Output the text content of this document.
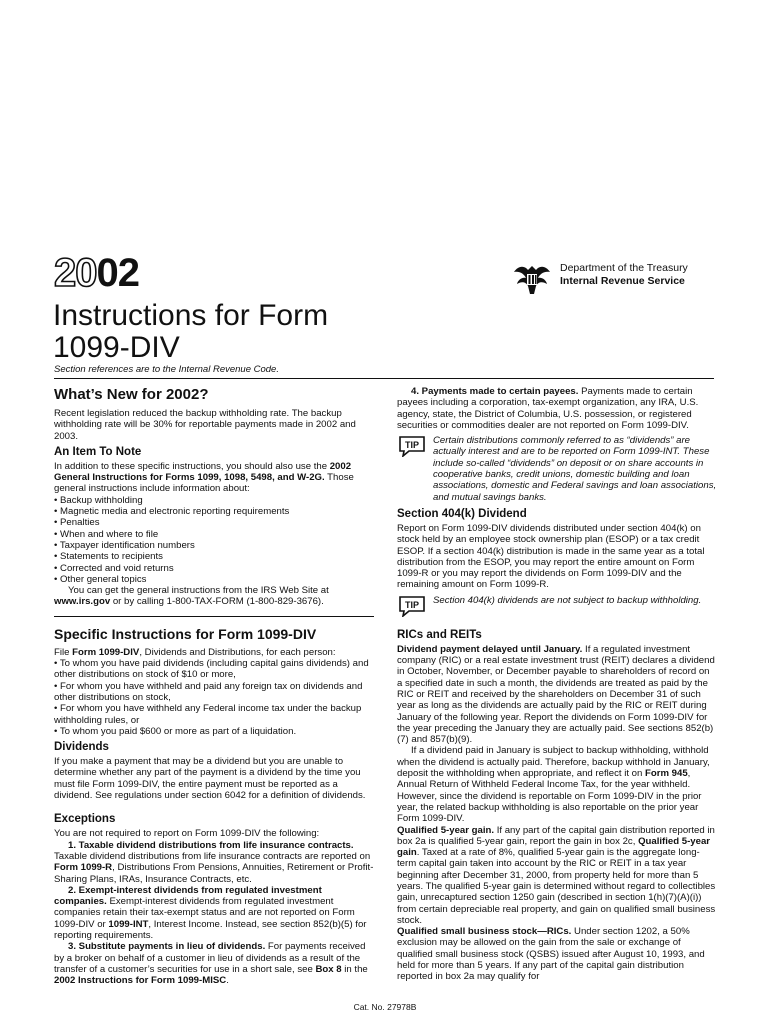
2002	Department of the Treasury
Internal Revenue Service
Instructions for Form
1099-DIV
Section references are to the Internal Revenue Code.
What’s New for 2002?

Recent legislation reduced the backup withholding rate. The backup withholding rate will be 30% for reportable payments made in 2002 and 2003.

An Item To Note

In addition to these specific instructions, you should also use the 2002 General Instructions for Forms 1099, 1098, 5498, and W-2G. Those general instructions include information about:

• Backup withholding
• Magnetic media and electronic reporting requirements
• Penalties
• When and where to file
• Taxpayer identification numbers
• Statements to recipients
• Corrected and void returns
• Other general topics

You can get the general instructions from the IRS Web Site at www.irs.gov or by calling 1-800-TAX-FORM (1-800-829-3676).

Specific Instructions for Form 1099-DIV

File Form 1099-DIV, Dividends and Distributions, for each person:

• To whom you have paid dividends (including capital gains dividends) and other distributions on stock of $10 or more,
• For whom you have withheld and paid any foreign tax on dividends and other distributions on stock,
• For whom you have withheld any Federal income tax under the backup withholding rules, or
• To whom you paid $600 or more as part of a liquidation.
Dividends

If you make a payment that may be a dividend but you are unable to determine whether any part of the payment is a dividend by the time you must file Form 1099-DIV, the entire payment must be reported as a dividend. See regulations under section 6042 for a definition of dividends.

Exceptions

You are not required to report on Form 1099-DIV the following:

1. Taxable dividend distributions from life insurance contracts. Taxable dividend distributions from life insurance contracts are reported on Form 1099-R, Distributions From Pensions, Annuities, Retirement or Profit-Sharing Plans, IRAs, Insurance Contracts, etc.

2. Exempt-interest dividends from regulated investment companies. Exempt-interest dividends from regulated investment companies retain their tax-exempt status and are not reported on Form 1099-DIV or 1099-INT, Interest Income. Instead, see section 852(b)(5) for reporting requirements.

3. Substitute payments in lieu of dividends. For payments received by a broker on behalf of a customer in lieu of dividends as a result of the transfer of a customer’s securities for use in a short sale, see Box 8 in the 2002 Instructions for Form 1099-MISC.

4. Payments made to certain payees. Payments made to certain payees including a corporation, tax-exempt organization, any IRA, U.S. agency, state, the District of Columbia, U.S. possession, or registered securities or commodities dealer are not reported on Form 1099-DIV.

TIP Certain distributions commonly referred to as “dividends” are actually interest and are to be reported on Form 1099-INT. These include so-called “dividends” on deposit or on share accounts in cooperative banks, credit unions, domestic building and loan associations, domestic and Federal savings and loan associations, and mutual savings banks.

Section 404(k) Dividend

Report on Form 1099-DIV dividends distributed under section 404(k) on stock held by an employee stock ownership plan (ESOP) or a tax credit ESOP. If a section 404(k) distribution is made in the same year as a total distribution from the ESOP, you may report the entire amount on Form 1099-R or you may report the dividends on Form 1099-DIV and the remaining amount on Form 1099-R.

TIP Section 404(k) dividends are not subject to backup withholding.

RICs and REITs

Dividend payment delayed until January. If a regulated investment company (RIC) or a real estate investment trust (REIT) declares a dividend in October, November, or December payable to shareholders of record on a specified date in such a month, the dividends are treated as paid by the RIC or REIT and received by the shareholders on December 31 of such year as long as the dividends are actually paid by the RIC or REIT during January of the following year. Report the dividends on Form 1099-DIV for the year preceding the January they are actually paid. See sections 852(b)(7) and 857(b)(9).

If a dividend paid in January is subject to backup withholding, withhold when the dividend is actually paid. Therefore, backup withhold in January, deposit the withholding when appropriate, and reflect it on Form 945, Annual Return of Withheld Federal Income Tax, for the year withheld. However, since the dividend is reportable on Form 1099-DIV in the prior year, the related backup withholding is also reportable on the prior year Form 1099-DIV.

Qualified 5-year gain. If any part of the capital gain distribution reported in box 2a is qualified 5-year gain, report the gain in box 2c, Qualified 5-year gain. Taxed at a rate of 8%, qualified 5-year gain is the aggregate long-term capital gain taken into account by the RIC or REIT in a tax year beginning after December 31, 2000, from property held for more than 5 years. The qualified 5-year gain is determined without regard to collectibles gain, unrecaptured section 1250 gain (described in section 1(h)(7)(A)(i)) from certain depreciable real property, and gain on qualified small business stock.

Qualified small business stock—RICs. Under section 1202, a 50% exclusion may be allowed on the gain from the sale or exchange of qualified small business stock (QSBS) issued after August 10, 1993, and held for more than 5 years. If any part of the capital gain distribution reported in box 2a may qualify for

Cat. No. 27978B
